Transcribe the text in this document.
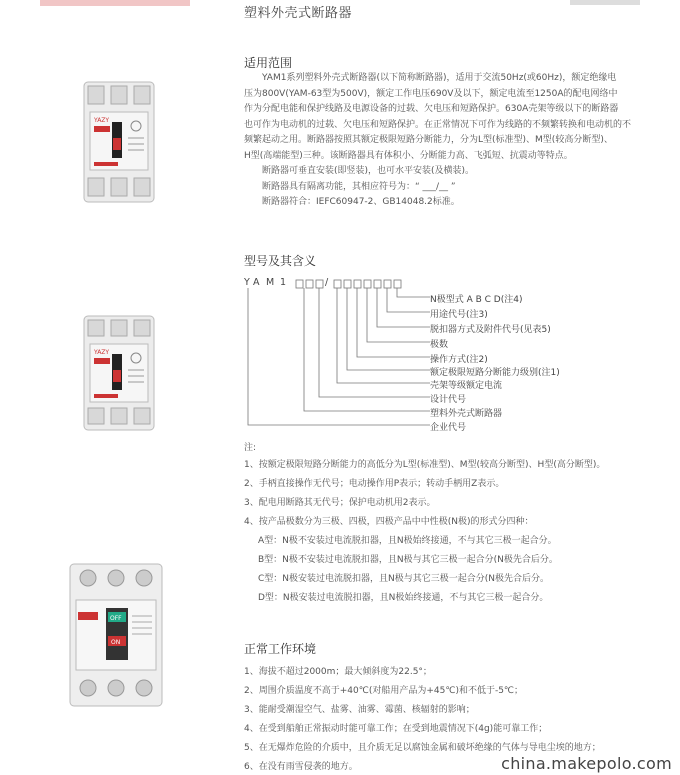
塑料外壳式断路器
YAZY
YAZY
OFF
ON
适用范围

YAM1系列塑料外壳式断路器(以下简称断路器)，适用于交流50Hz(或60Hz)，额定绝缘电

压为800V(YAM-63型为500V)，额定工作电压690V及以下，额定电流至1250A的配电网络中

作为分配电能和保护线路及电源设备的过载、欠电压和短路保护。630A壳架等级以下的断路器

也可作为电动机的过载、欠电压和短路保护。在正常情况下可作为线路的不频繁转换和电动机的不

频繁起动之用。断路器按照其额定极限短路分断能力，分为L型(标准型)、M型(较高分断型)、

H型(高端能型)三种。该断路器具有体积小、分断能力高、飞弧短、抗震动等特点。

断路器可垂直安装(即竖装)，也可水平安装(及横装)。

断路器具有隔离功能，其相应符号为：“ ___/__ ”

断路器符合：IEFC60947-2、GB14048.2标准。

型号及其含义
Y A M 1	/
N极型式 A B C D(注4)
用途代号(注3)
脱扣器方式及附件代号(见表5)
极数
操作方式(注2)
额定极限短路分断能力级别(注1)
壳架等级额定电流
设计代号
塑料外壳式断路器
企业代号
注:
1、按额定极限短路分断能力的高低分为L型(标准型)、M型(较高分断型)、H型(高分断型)。
2、手柄直接操作无代号；电动操作用P表示；转动手柄用Z表示。
3、配电用断路其无代号；保护电动机用2表示。
4、按产品极数分为三极、四极，四极产品中中性极(N极)的形式分四种：
A型：N极不安装过电流脱扣器，且N极始终接通，不与其它三极一起合分。
B型：N极不安装过电流脱扣器，且N极与其它三极一起合分(N极先合后分。
C型：N极安装过电流脱扣器，且N极与其它三极一起合分(N极先合后分。
D型：N极安装过电流脱扣器，且N极始终接通，不与其它三极一起合分。
正常工作环境
1、海拔不超过2000m；最大倾斜度为22.5°；
2、周围介质温度不高于+40℃(对船用产品为+45℃)和不低于-5℃；
3、能耐受潮湿空气、盐雾、油雾、霉菌、核辐射的影响；
4、在受到船舶正常振动时能可靠工作；在受到地震情况下(4g)能可靠工作；
5、在无爆炸危险的介质中，且介质无足以腐蚀金属和破坏绝缘的气体与导电尘埃的地方；
6、在没有雨雪侵袭的地方。	china.makepolo.com
